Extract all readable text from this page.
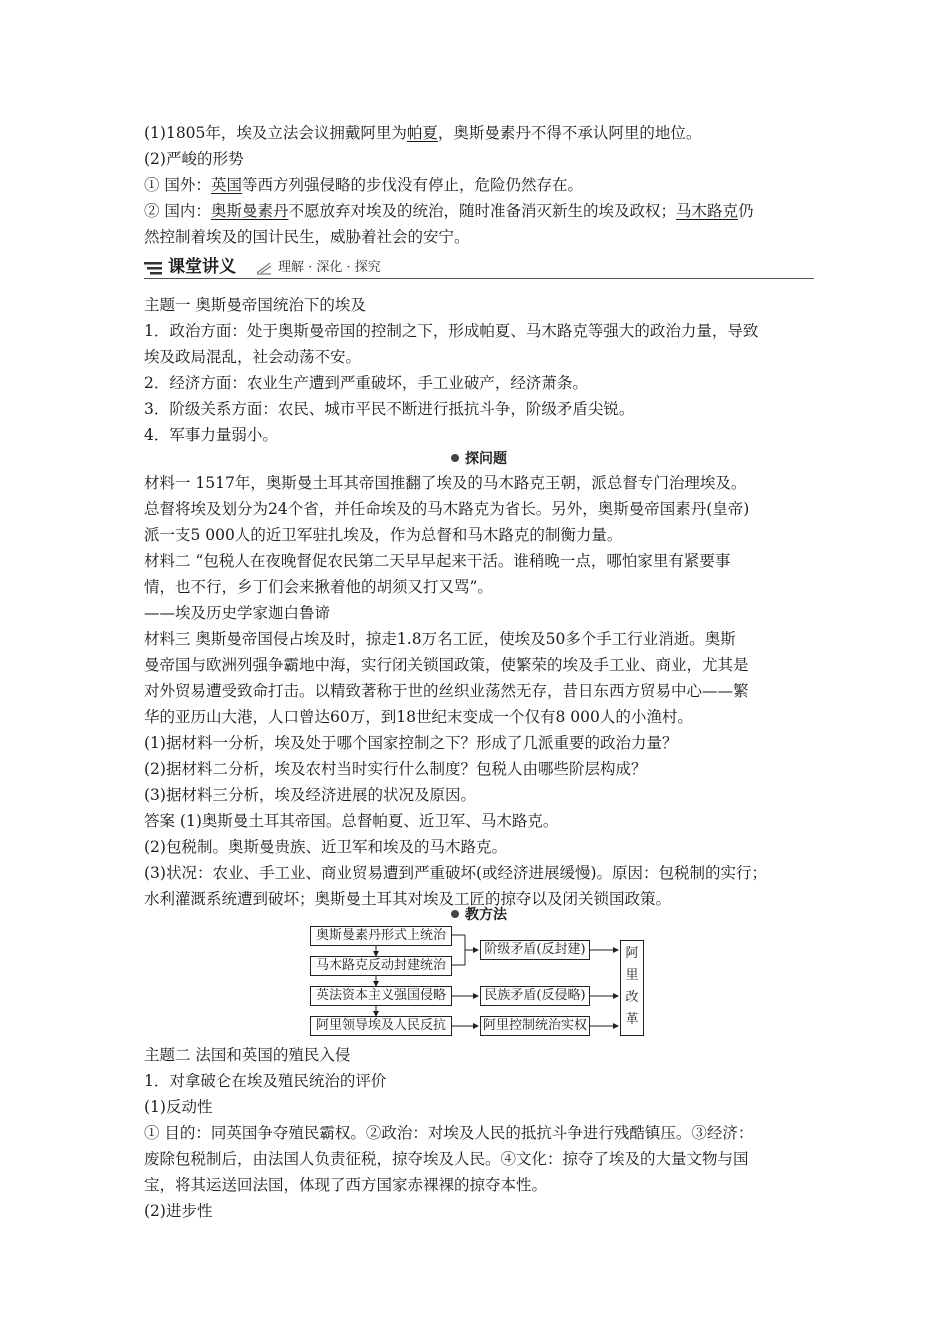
(1)1805年，埃及立法会议拥戴阿里为帕夏，奥斯曼素丹不得不承认阿里的地位。
(2)严峻的形势
① 国外：英国等西方列强侵略的步伐没有停止，危险仍然存在。
② 国内：奥斯曼素丹不愿放弃对埃及的统治，随时准备消灭新生的埃及政权；马木路克仍
然控制着埃及的国计民生，威胁着社会的安宁。
课堂讲义	理解 · 深化 · 探究
主题一 奥斯曼帝国统治下的埃及
1．政治方面：处于奥斯曼帝国的控制之下，形成帕夏、马木路克等强大的政治力量，导致
埃及政局混乱，社会动荡不安。
2．经济方面：农业生产遭到严重破坏，手工业破产，经济萧条。
3．阶级关系方面：农民、城市平民不断进行抵抗斗争，阶级矛盾尖锐。
4．军事力量弱小。
探问题
材料一 1517年，奥斯曼土耳其帝国推翻了埃及的马木路克王朝，派总督专门治理埃及。
总督将埃及划分为24个省，并任命埃及的马木路克为省长。另外，奥斯曼帝国素丹(皇帝)
派一支5 000人的近卫军驻扎埃及，作为总督和马木路克的制衡力量。
材料二 “包税人在夜晚督促农民第二天早早起来干活。谁稍晚一点，哪怕家里有紧要事
情，也不行，乡丁们会来揪着他的胡须又打又骂”。
——埃及历史学家迦白鲁谛
材料三 奥斯曼帝国侵占埃及时，掠走1.8万名工匠，使埃及50多个手工行业消逝。奥斯
曼帝国与欧洲列强争霸地中海，实行闭关锁国政策，使繁荣的埃及手工业、商业，尤其是
对外贸易遭受致命打击。以精致著称于世的丝织业荡然无存，昔日东西方贸易中心——繁
华的亚历山大港，人口曾达60万，到18世纪末变成一个仅有8 000人的小渔村。
(1)据材料一分析，埃及处于哪个国家控制之下？形成了几派重要的政治力量？
(2)据材料二分析，埃及农村当时实行什么制度？包税人由哪些阶层构成？
(3)据材料三分析，埃及经济进展的状况及原因。
答案 (1)奥斯曼土耳其帝国。总督帕夏、近卫军、马木路克。
(2)包税制。奥斯曼贵族、近卫军和埃及的马木路克。
(3)状况：农业、手工业、商业贸易遭到严重破坏(或经济进展缓慢)。原因：包税制的实行；
水利灌溉系统遭到破坏；奥斯曼土耳其对埃及工匠的掠夺以及闭关锁国政策。
教方法
奥斯曼素丹形式上统治
马木路克反动封建统治
英法资本主义强国侵略
阿里领导埃及人民反抗
阶级矛盾(反封建)
民族矛盾(反侵略)
阿里控制统治实权
阿
里
改
革
主题二 法国和英国的殖民入侵
1．对拿破仑在埃及殖民统治的评价
(1)反动性
① 目的：同英国争夺殖民霸权。②政治：对埃及人民的抵抗斗争进行残酷镇压。③经济：
废除包税制后，由法国人负责征税，掠夺埃及人民。④文化：掠夺了埃及的大量文物与国
宝，将其运送回法国，体现了西方国家赤裸裸的掠夺本性。
(2)进步性
